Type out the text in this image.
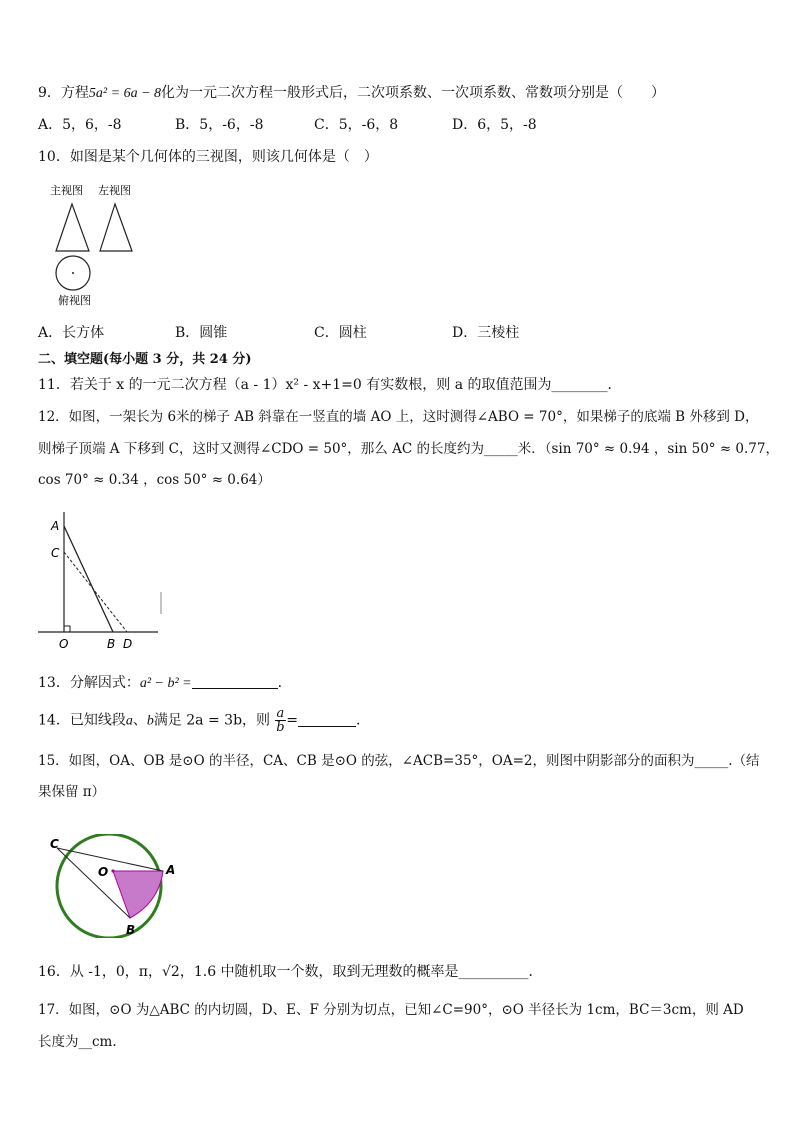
9．方程5a² = 6a − 8化为一元二次方程一般形式后，二次项系数、一次项系数、常数项分别是（　　）
A．5，6，-8	B．5，-6，-8	C．5，-6，8	D．6，5，-8
10．如图是某个几何体的三视图，则该几何体是（　）
主视图 左视图
俯视图
A．长方体	B．圆锥	C．圆柱	D．三棱柱
二、填空题(每小题 3 分，共 24 分)
11．若关于 x 的一元二次方程（a - 1）x² - x+1=0 有实数根，则 a 的取值范围为________．
12．如图，一架长为 6米的梯子 AB 斜靠在一竖直的墙 AO 上，这时测得∠ABO = 70°，如果梯子的底端 B 外移到 D，
则梯子顶端 A 下移到 C，这时又测得∠CDO = 50°，那么 AC 的长度约为_____米．（sin 70° ≈ 0.94 ，sin 50° ≈ 0.77，
cos 70° ≈ 0.34 ，cos 50° ≈ 0.64）
A
C
O	B D
13．分解因式：a² − b² =	.
14．已知线段a、b满足 2a = 3b，则 $\frac{a}{b}$ =	.
15．如图，OA、OB 是⊙O 的半径，CA、CB 是⊙O 的弦，∠ACB=35°，OA=2，则图中阴影部分的面积为_____.（结
果保留 π）
C
O	A
B
16．从 -1，0，π，√2，1.6 中随机取一个数，取到无理数的概率是__________．
17．如图，⊙O 为△ABC 的内切圆，D、E、F 分别为切点，已知∠C=90°，⊙O 半径长为 1cm，BC＝3cm，则 AD
长度为__cm.
